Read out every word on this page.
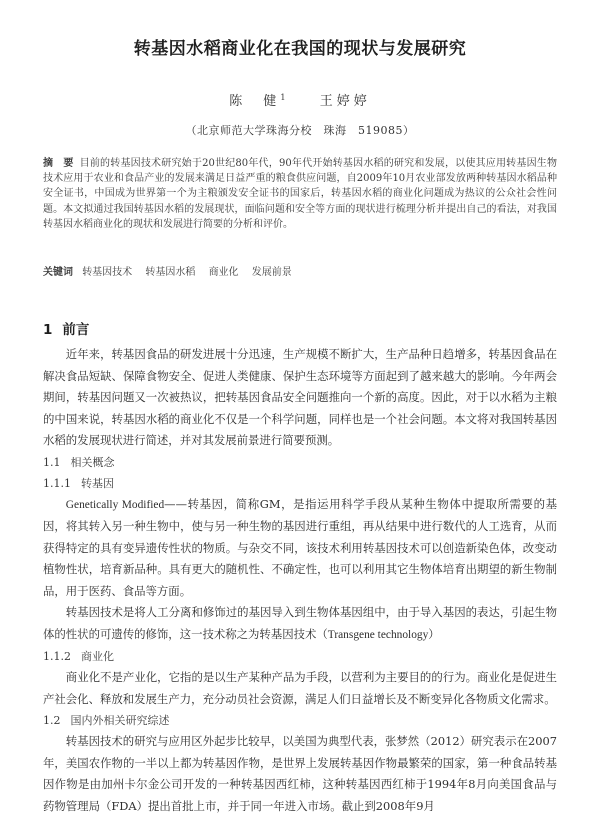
转基因水稻商业化在我国的现状与发展研究
陈　健$^1$	王婷婷
（北京师范大学珠海分校　珠海　519085）
摘　要 目前的转基因技术研究始于20世纪80年代，90年代开始转基因水稻的研究和发展，以使其应用转基因生物技术应用于农业和食品产业的发展来满足日益严重的粮食供应问题，自2009年10月农业部发放两种转基因水稻品种安全证书，中国成为世界第一个为主粮颁发安全证书的国家后，转基因水稻的商业化问题成为热议的公众社会性问题。本文拟通过我国转基因水稻的发展现状，面临问题和安全等方面的现状进行梳理分析并提出自己的看法，对我国转基因水稻商业化的现状和发展进行简要的分析和评价。
关键词 转基因技术 转基因水稻 商业化 发展前景
1 前言

近年来，转基因食品的研发进展十分迅速，生产规模不断扩大，生产品种日趋增多，转基因食品在解决食品短缺、保障食物安全、促进人类健康、保护生态环境等方面起到了越来越大的影响。今年两会期间，转基因问题又一次被热议，把转基因食品安全问题推向一个新的高度。因此，对于以水稻为主粮的中国来说，转基因水稻的商业化不仅是一个科学问题，同样也是一个社会问题。本文将对我国转基因水稻的发展现状进行简述，并对其发展前景进行简要预测。

1.1 相关概念

1.1.1 转基因

Genetically Modified——转基因，简称GM，是指运用科学手段从某种生物体中提取所需要的基因，将其转入另一种生物中，使与另一种生物的基因进行重组，再从结果中进行数代的人工选育，从而获得特定的具有变异遗传性状的物质。与杂交不同，该技术利用转基因技术可以创造新染色体，改变动植物性状，培育新品种。具有更大的随机性、不确定性，也可以利用其它生物体培育出期望的新生物制品，用于医药、食品等方面。

转基因技术是将人工分离和修饰过的基因导入到生物体基因组中，由于导入基因的表达，引起生物体的性状的可遗传的修饰，这一技术称之为转基因技术（Transgene technology）

1.1.2 商业化

商业化不是产业化，它指的是以生产某种产品为手段，以营利为主要目的的行为。商业化是促进生产社会化、释放和发展生产力，充分动员社会资源，满足人们日益增长及不断变异化各物质文化需求。

1.2 国内外相关研究综述

转基因技术的研究与应用区外起步比较早，以美国为典型代表，张梦然（2012）研究表示在2007年，美国农作物的一半以上都为转基因作物，是世界上发展转基因作物最繁荣的国家，第一种食品转基因作物是由加州卡尔金公司开发的一种转基因西红柿，这种转基因西红柿于1994年8月向美国食品与药物管理局（FDA）提出首批上市，并于同一年进入市场。截止到2008年9月
